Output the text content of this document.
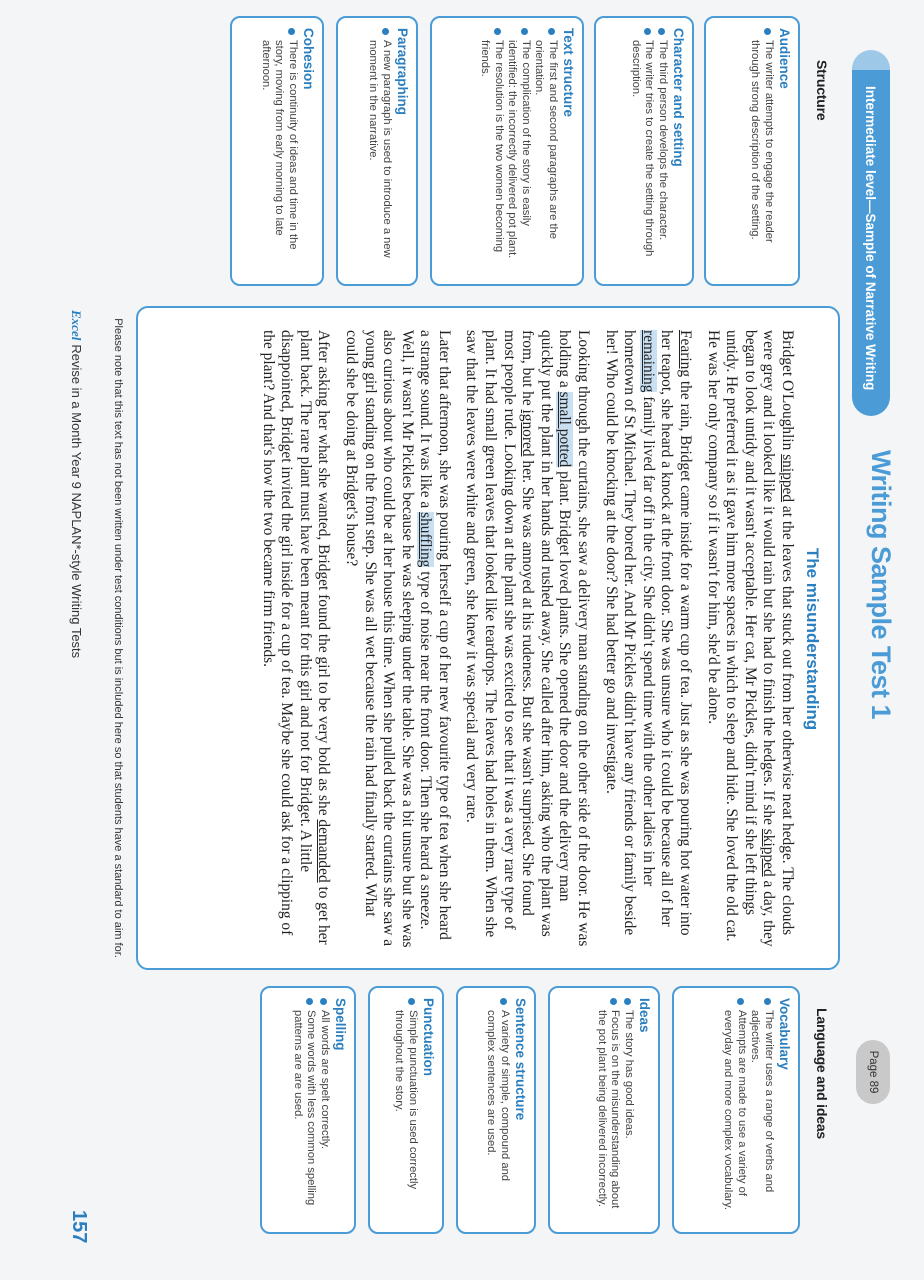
Structure
Audience
The writer attempts to engage the reader through strong description of the setting.
Character and setting
The third person develops the character.
The writer tries to create the setting through description.
Text structure
The first and second paragraphs are the orientation.
The complication of the story is easily identified: the incorrectly delivered pot plant.
The resolution is the two women becoming friends.
Paragraphing
A new paragraph is used to introduce a new moment in the narrative.
Cohesion
There is continuity of ideas and time in the story, moving from early morning to late afternoon.
Intermediate level—Sample of Narrative Writing
Writing Sample Test 1
Page 89
The misunderstanding

Bridget O'Loughlin snipped at the leaves that stuck out from her otherwise neat hedge. The clouds were grey and it looked like it would rain but she had to finish the hedges. If she skipped a day, they began to look untidy and it wasn't acceptable. Her cat, Mr Pickles, didn't mind if she left things untidy. He preferred it as it gave him more spaces in which to sleep and hide. She loved the old cat. He was her only company so if it wasn't for him, she'd be alone.

Fearing the rain, Bridget came inside for a warm cup of tea. Just as she was pouring hot water into her teapot, she heard a knock at the front door. She was unsure who it could be because all of her remaining family lived far off in the city. She didn't spend time with the other ladies in her hometown of St Michael. They bored her. And Mr Pickles didn't have any friends or family beside her! Who could be knocking at the door? She had better go and investigate.

Looking through the curtains, she saw a delivery man standing on the other side of the door. He was holding a small potted plant. Bridget loved plants. She opened the door and the delivery man quickly put the plant in her hands and rushed away. She called after him, asking who the plant was from, but he ignored her. She was annoyed at his rudeness. But she wasn't surprised. She found most people rude. Looking down at the plant she was excited to see that it was a very rare type of plant. It had small green leaves that looked like teardrops. The leaves had holes in them. When she saw that the leaves were white and green, she knew it was special and very rare.

Later that afternoon, she was pouring herself a cup of her new favourite type of tea when she heard a strange sound. It was like a shuffling type of noise near the front door. Then she heard a sneeze. Well, it wasn't Mr Pickles because he was sleeping under the table. She was a bit unsure but she was also curious about who could be at her house this time. When she pulled back the curtains she saw a young girl standing on the front step. She was all wet because the rain had finally started. What could she be doing at Bridget's house?

After asking her what she wanted, Bridget found the girl to be very bold as she demanded to get her plant back. The rare plant must have been meant for this girl and not for Bridget. A little disappointed, Bridget invited the girl inside for a cup of tea. Maybe she could ask for a clipping of the plant? And that's how the two became firm friends.

Please note that this text has not been written under test conditions but is included here so that students have a standard to aim for.
Language and ideas
Vocabulary
The writer uses a range of verbs and adjectives.
Attempts are made to use a variety of everyday and more complex vocabulary.
Ideas
The story has good ideas.
Focus is on the misunderstanding about the pot plant being delivered incorrectly.
Sentence structure
A variety of simple, compound and complex sentences are used.
Punctuation
Simple punctuation is used correctly throughout the story.
Spelling
All words are spelt correctly.
Some words with less common spelling patterns are are used.
ExcelRevise in a Month Year 9 NAPLAN*-style Writing Tests
157
